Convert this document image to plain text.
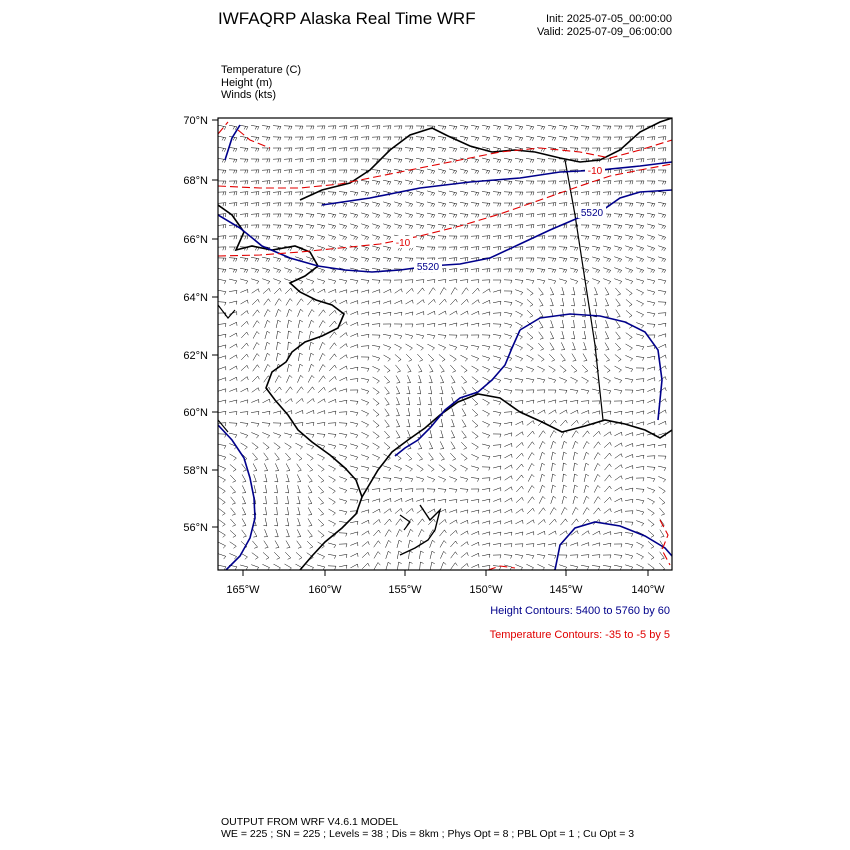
IWFAQRP Alaska Real Time WRF	Init: 2025-07-05_00:00:00
Valid: 2025-07-09_06:00:00
Temperature (C)
Height (m)
Winds (kts)
5520
5520
-10
-10
70°N
68°N
66°N
64°N
62°N
60°N
58°N
56°N
165°W	160°W	155°W	150°W	145°W	140°W
Height Contours: 5400 to 5760 by 60
Temperature Contours: -35 to -5 by 5
OUTPUT FROM WRF V4.6.1 MODEL
WE = 225 ; SN = 225 ; Levels = 38 ; Dis = 8km ; Phys Opt = 8 ; PBL Opt = 1 ; Cu Opt = 3
